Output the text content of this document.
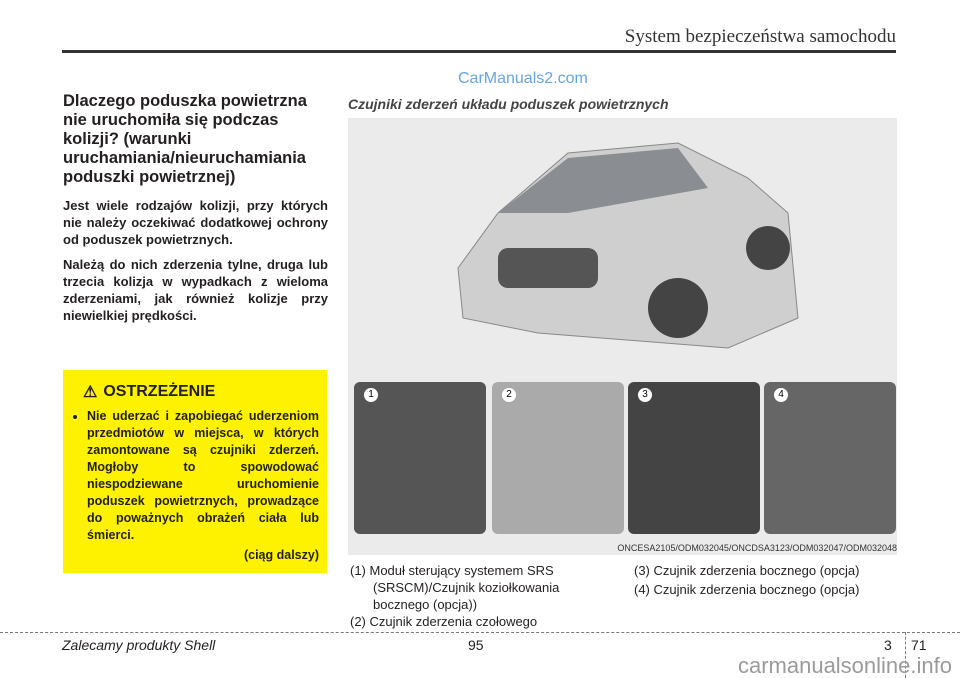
System bezpieczeństwa samochodu
Dlaczego poduszka powietrzna nie uruchomiła się podczas kolizji? (warunki uruchamiania/nieuruchamiania poduszki powietrznej)

Jest wiele rodzajów kolizji, przy których nie należy oczekiwać dodatkowej ochrony od poduszek powietrznych.

Należą do nich zderzenia tylne, druga lub trzecia kolizja w wypadkach z wieloma zderzeniami, jak również kolizje przy niewielkiej prędkości.

⚠ OSTRZEŻENIE
• Nie uderzać i zapobiegać uderzeniom przedmiotów w miejsca, w których zamontowane są czujniki zderzeń. Mogłoby to spowodować niespodziewane uruchomienie poduszek powietrznych, prowadzące do poważnych obrażeń ciała lub śmierci.
(ciąg dalszy)
CarManuals2.com
Czujniki zderzeń układu poduszek powietrznych
1	2	3	4
ONCESA2105/ODM032045/ONCDSA3123/ODM032047/ODM032048
(1) Moduł sterujący systemem SRS
(SRSCM)/Czujnik koziołkowania
bocznego (opcja))
(2) Czujnik zderzenia czołowego
(3) Czujnik zderzenia bocznego (opcja)
(4) Czujnik zderzenia bocznego (opcja)
Zalecamy produkty Shell	95	3 71
carmanualsonline.info
